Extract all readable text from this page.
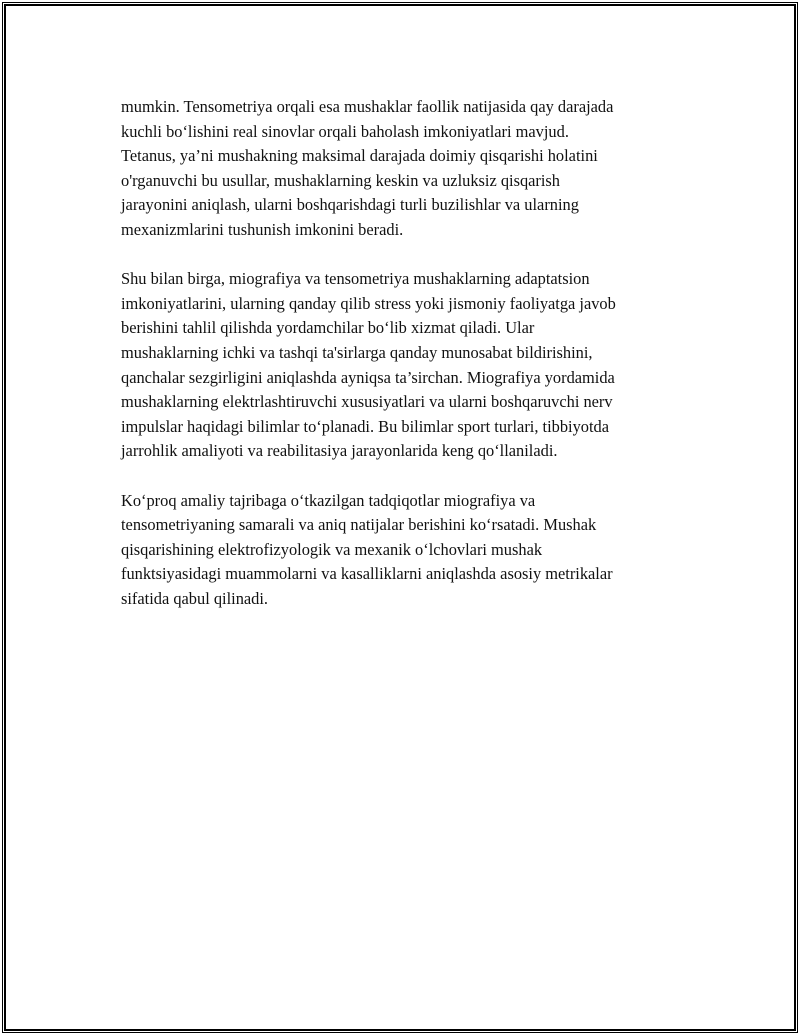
mumkin. Tensometriya orqali esa mushaklar faollik natijasida qay darajada
kuchli bo‘lishini real sinovlar orqali baholash imkoniyatlari mavjud.
Tetanus, ya’ni mushakning maksimal darajada doimiy qisqarishi holatini
o'rganuvchi bu usullar, mushaklarning keskin va uzluksiz qisqarish
jarayonini aniqlash, ularni boshqarishdagi turli buzilishlar va ularning
mexanizmlarini tushunish imkonini beradi.

Shu bilan birga, miografiya va tensometriya mushaklarning adaptatsion
imkoniyatlarini, ularning qanday qilib stress yoki jismoniy faoliyatga javob
berishini tahlil qilishda yordamchilar bo‘lib xizmat qiladi. Ular
mushaklarning ichki va tashqi ta'sirlarga qanday munosabat bildirishini,
qanchalar sezgirligini aniqlashda ayniqsa ta’sirchan. Miografiya yordamida
mushaklarning elektrlashtiruvchi xususiyatlari va ularni boshqaruvchi nerv
impulslar haqidagi bilimlar to‘planadi. Bu bilimlar sport turlari, tibbiyotda
jarrohlik amaliyoti va reabilitasiya jarayonlarida keng qo‘llaniladi.

Ko‘proq amaliy tajribaga o‘tkazilgan tadqiqotlar miografiya va
tensometriyaning samarali va aniq natijalar berishini ko‘rsatadi. Mushak
qisqarishining elektrofizyologik va mexanik o‘lchovlari mushak
funktsiyasidagi muammolarni va kasalliklarni aniqlashda asosiy metrikalar
sifatida qabul qilinadi.
